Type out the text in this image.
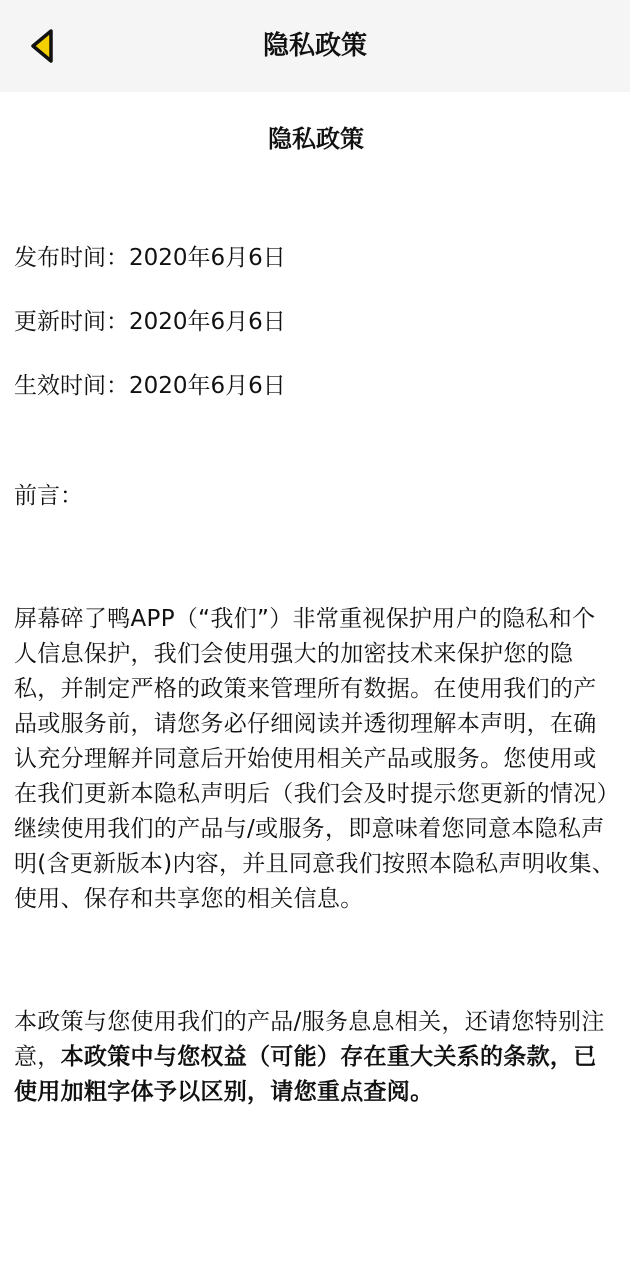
隐私政策
隐私政策
发布时间：2020年6月6日
更新时间：2020年6月6日
生效时间：2020年6月6日
前言：
屏幕碎了鸭APP（“我们”）非常重视保护用户的隐私和个人信息保护，我们会使用强大的加密技术来保护您的隐私，并制定严格的政策来管理所有数据。在使用我们的产品或服务前，请您务必仔细阅读并透彻理解本声明，在确认充分理解并同意后开始使用相关产品或服务。您使用或在我们更新本隐私声明后（我们会及时提示您更新的情况）继续使用我们的产品与/或服务，即意味着您同意本隐私声明(含更新版本)内容，并且同意我们按照本隐私声明收集、使用、保存和共享您的相关信息。
本政策与您使用我们的产品/服务息息相关，还请您特别注意，本政策中与您权益（可能）存在重大关系的条款，已使用加粗字体予以区别，请您重点查阅。
